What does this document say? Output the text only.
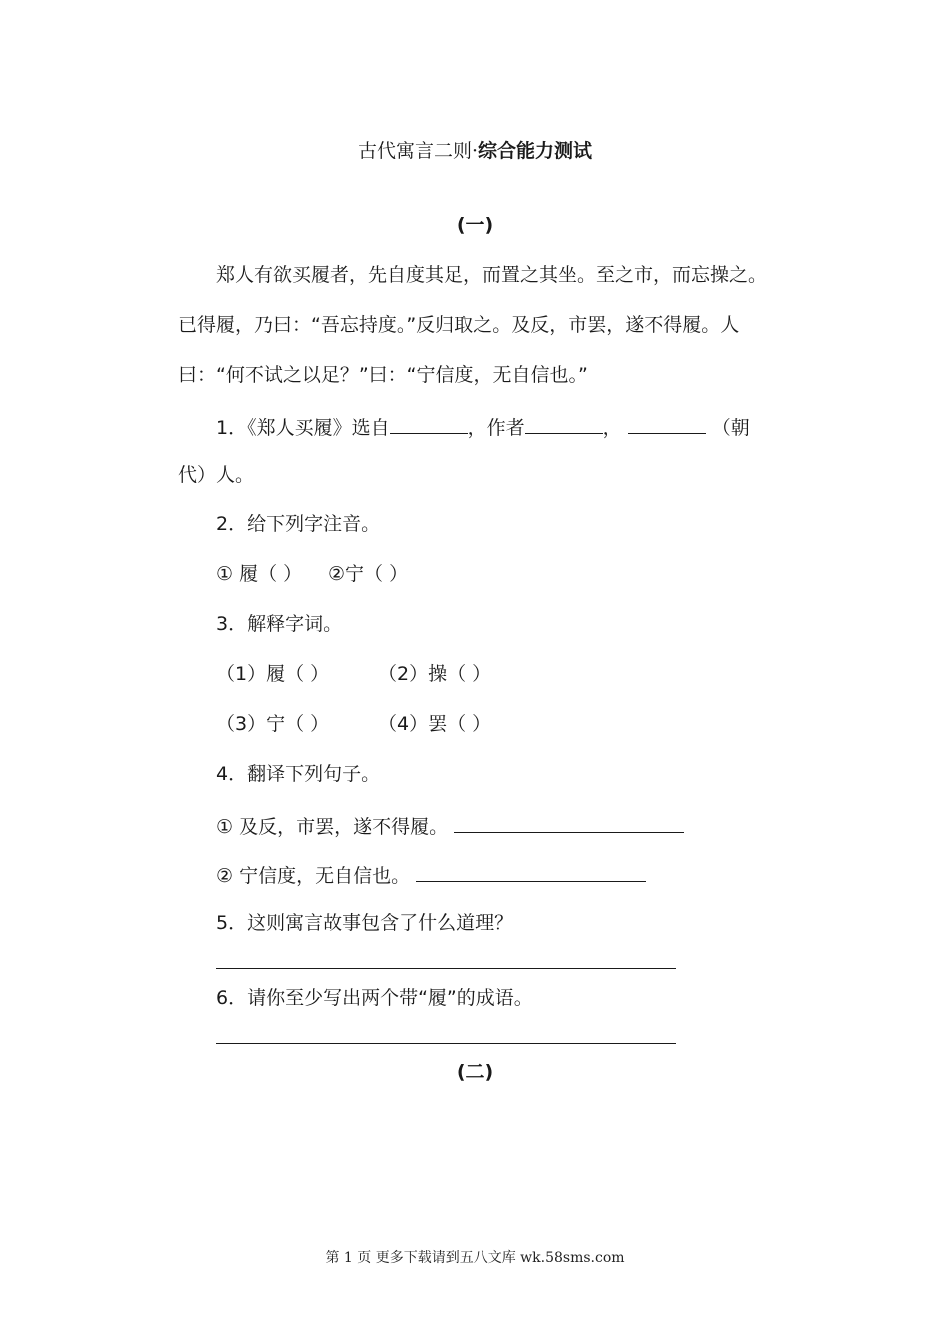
古代寓言二则·综合能力测试
(一)
郑人有欲买履者，先自度其足，而置之其坐。至之市，而忘操之。
已得履，乃曰：“吾忘持度。”反归取之。及反，市罢，遂不得履。人
曰：“何不试之以足？”曰：“宁信度，无自信也。”
1．《郑人买履》选自	，作者	，	（朝
代）人。
2．给下列字注音。
① 履（ ） ②宁（ ）
3．解释字词。
（1）履（ ）	（2）操（ ）
（3）宁（ ）	（4）罢（ ）
4．翻译下列句子。
① 及反，市罢，遂不得履。
② 宁信度，无自信也。
5．这则寓言故事包含了什么道理？
6．请你至少写出两个带“履”的成语。
(二)
第 1 页 更多下载请到五八文库 wk.58sms.com
